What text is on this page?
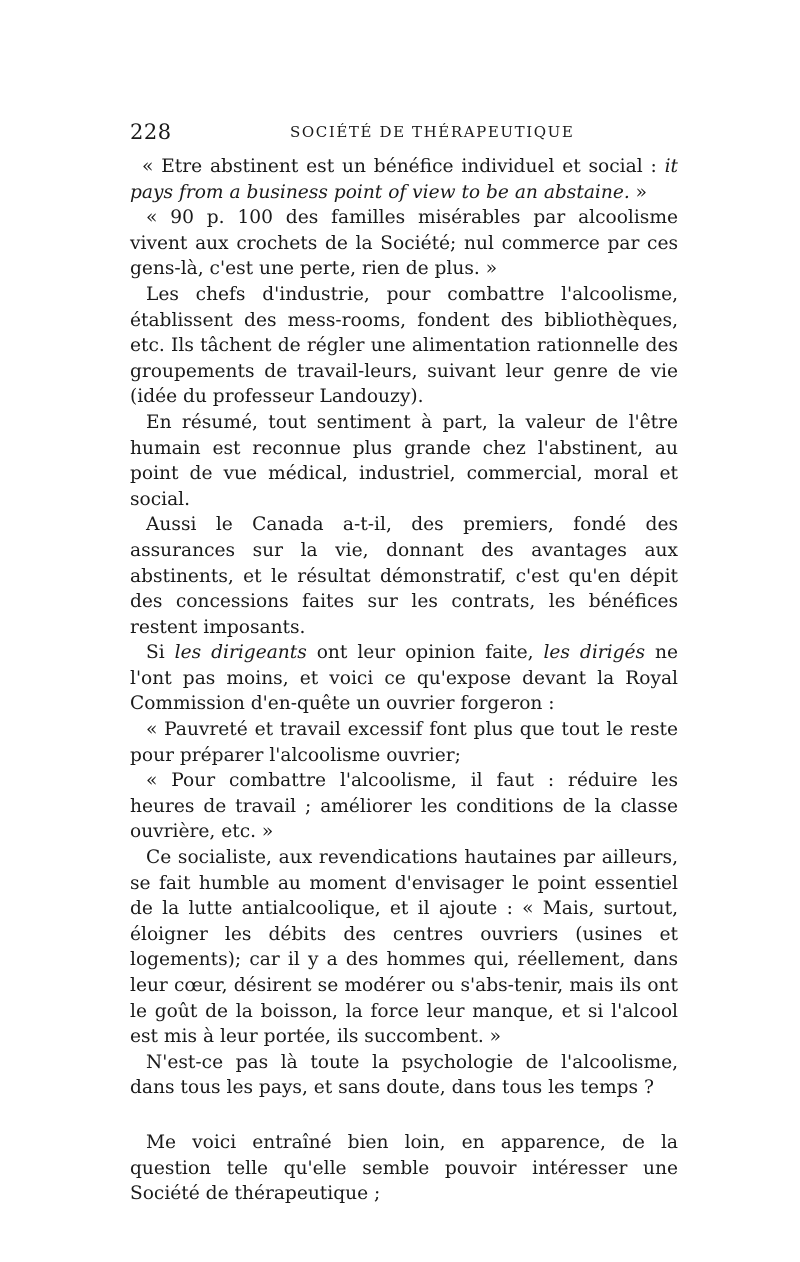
228	SOCIÉTÉ DE THÉRAPEUTIQUE

« Etre abstinent est un bénéfice individuel et social : it pays from a business point of view to be an abstaine. »

« 90 p. 100 des familles misérables par alcoolisme vivent aux crochets de la Société; nul commerce par ces gens-là, c'est une perte, rien de plus. »

Les chefs d'industrie, pour combattre l'alcoolisme, établissent des mess-rooms, fondent des bibliothèques, etc. Ils tâchent de régler une alimentation rationnelle des groupements de travail-leurs, suivant leur genre de vie (idée du professeur Landouzy).

En résumé, tout sentiment à part, la valeur de l'être humain est reconnue plus grande chez l'abstinent, au point de vue médical, industriel, commercial, moral et social.

Aussi le Canada a-t-il, des premiers, fondé des assurances sur la vie, donnant des avantages aux abstinents, et le résultat démonstratif, c'est qu'en dépit des concessions faites sur les contrats, les bénéfices restent imposants.

Si les dirigeants ont leur opinion faite, les dirigés ne l'ont pas moins, et voici ce qu'expose devant la Royal Commission d'en-quête un ouvrier forgeron :

« Pauvreté et travail excessif font plus que tout le reste pour préparer l'alcoolisme ouvrier;

« Pour combattre l'alcoolisme, il faut : réduire les heures de travail ; améliorer les conditions de la classe ouvrière, etc. »

Ce socialiste, aux revendications hautaines par ailleurs, se fait humble au moment d'envisager le point essentiel de la lutte antialcoolique, et il ajoute : « Mais, surtout, éloigner les débits des centres ouvriers (usines et logements); car il y a des hommes qui, réellement, dans leur cœur, désirent se modérer ou s'abs-tenir, mais ils ont le goût de la boisson, la force leur manque, et si l'alcool est mis à leur portée, ils succombent. »

N'est-ce pas là toute la psychologie de l'alcoolisme, dans tous les pays, et sans doute, dans tous les temps ?

Me voici entraîné bien loin, en apparence, de la question telle qu'elle semble pouvoir intéresser une Société de thérapeutique ;
